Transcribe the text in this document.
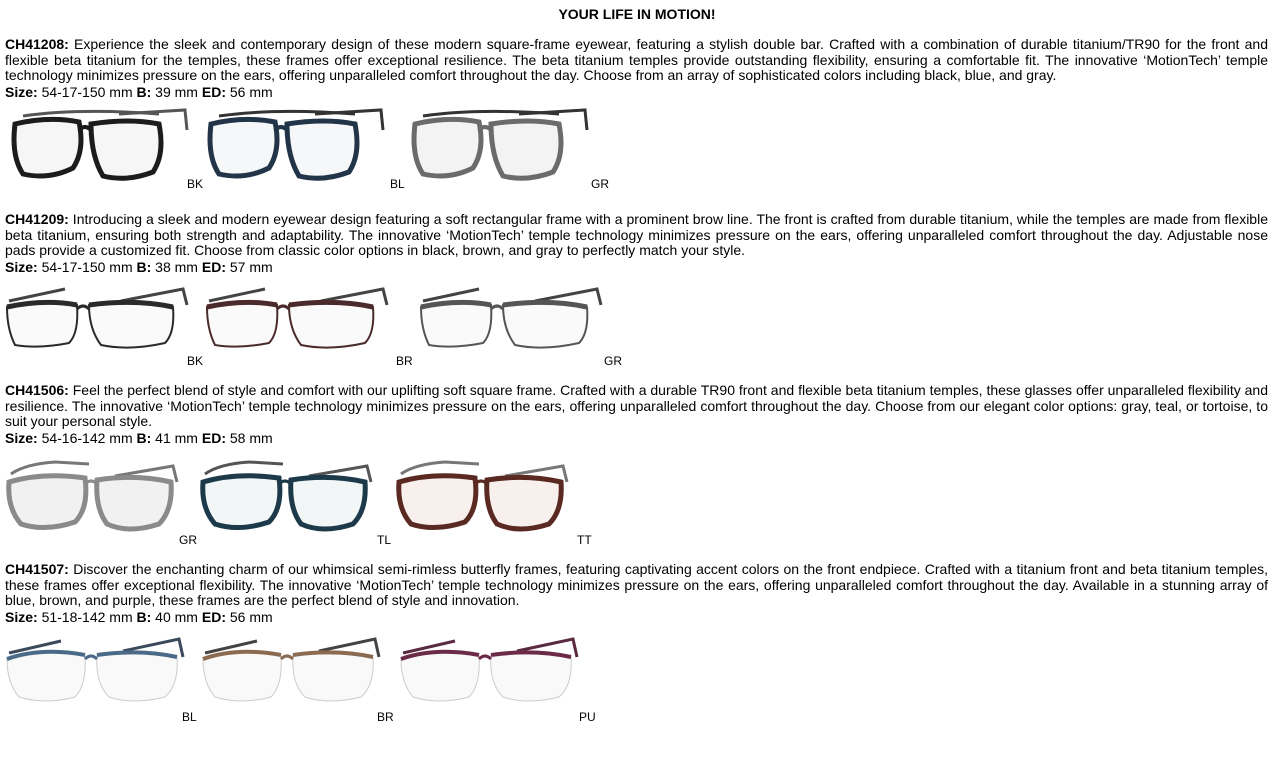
YOUR LIFE IN MOTION!

CH41208: Experience the sleek and contemporary design of these modern square-frame eyewear, featuring a stylish double bar. Crafted with a combination of durable titanium/TR90 for the front and flexible beta titanium for the temples, these frames offer exceptional resilience. The beta titanium temples provide outstanding flexibility, ensuring a comfortable fit. The innovative ‘MotionTech’ temple technology minimizes pressure on the ears, offering unparalleled comfort throughout the day. Choose from an array of sophisticated colors including black, blue, and gray.

Size: 54-17-150 mm B: 39 mm ED: 56 mm

BK	BL	GR

CH41209: Introducing a sleek and modern eyewear design featuring a soft rectangular frame with a prominent brow line. The front is crafted from durable titanium, while the temples are made from flexible beta titanium, ensuring both strength and adaptability. The innovative ‘MotionTech’ temple technology minimizes pressure on the ears, offering unparalleled comfort throughout the day. Adjustable nose pads provide a customized fit. Choose from classic color options in black, brown, and gray to perfectly match your style.

Size: 54-17-150 mm B: 38 mm ED: 57 mm

BK	BR	GR

CH41506: Feel the perfect blend of style and comfort with our uplifting soft square frame. Crafted with a durable TR90 front and flexible beta titanium temples, these glasses offer unparalleled flexibility and resilience. The innovative ‘MotionTech’ temple technology minimizes pressure on the ears, offering unparalleled comfort throughout the day. Choose from our elegant color options: gray, teal, or tortoise, to suit your personal style.

Size: 54-16-142 mm B: 41 mm ED: 58 mm

GR	TL	TT

CH41507: Discover the enchanting charm of our whimsical semi-rimless butterfly frames, featuring captivating accent colors on the front endpiece. Crafted with a titanium front and beta titanium temples, these frames offer exceptional flexibility. The innovative ‘MotionTech’ temple technology minimizes pressure on the ears, offering unparalleled comfort throughout the day. Available in a stunning array of blue, brown, and purple, these frames are the perfect blend of style and innovation.

Size: 51-18-142 mm B: 40 mm ED: 56 mm

BL	BR	PU
